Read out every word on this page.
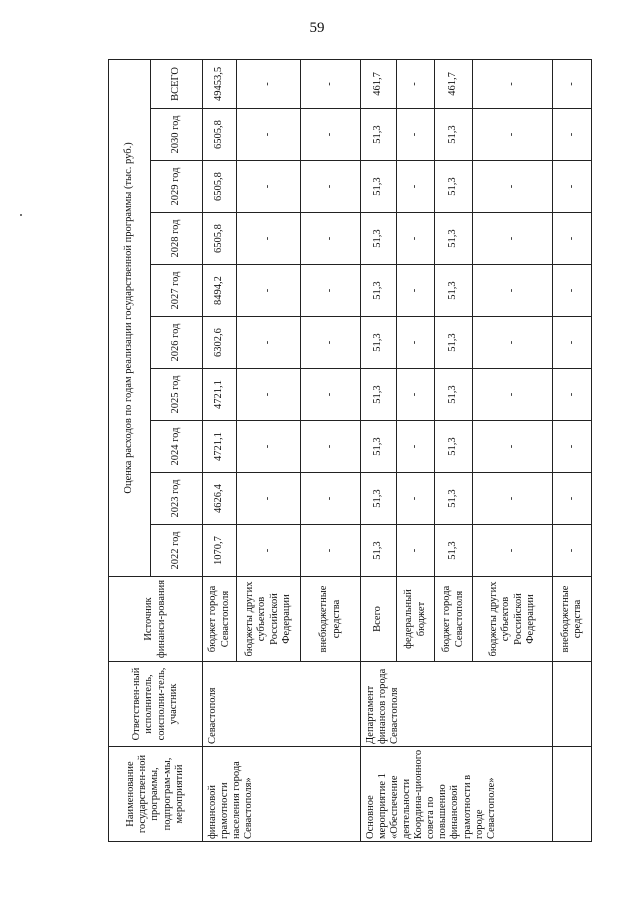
59
Наименование государствен-ной программы, подпрограм-мы, мероприятий	Ответствен-ный исполнитель, соисполни-тель, участник	Источник финанси-рования	Оценка расходов по годам реализации государственной программы (тыс. руб.)									
			2022 год	2023 год	2024 год	2025 год	2026 год	2027 год	2028 год	2029 год	2030 год	ВСЕГО
финансовой грамотности населения города Севастополя»	Севастополя	бюджет города Севастополя	1070,7	4626,4	4721,1	4721,1	6302,6	8494,2	6505,8	6505,8	6505,8	49453,5
		бюджеты других субъектов Российской Федерации	-	-	-	-	-	-	-	-	-	-
		внебюджетные средства	-	-	-	-	-	-	-	-	-	-
Основное мероприятие 1 «Обеспечение деятельности Координа-ционного совета по повышению финансовой грамотности в городе Севастополе»	Департамент финансов города Севастополя	Всего	51,3	51,3	51,3	51,3	51,3	51,3	51,3	51,3	51,3	461,7
		федеральный бюджет	-	-	-	-	-	-	-	-	-	-
		бюджет города Севастополя	51,3	51,3	51,3	51,3	51,3	51,3	51,3	51,3	51,3	461,7
		бюджеты других субъектов Российской Федерации	-	-	-	-	-	-	-	-	-	-
		внебюджетные средства	-	-	-	-	-	-	-	-	-	-
